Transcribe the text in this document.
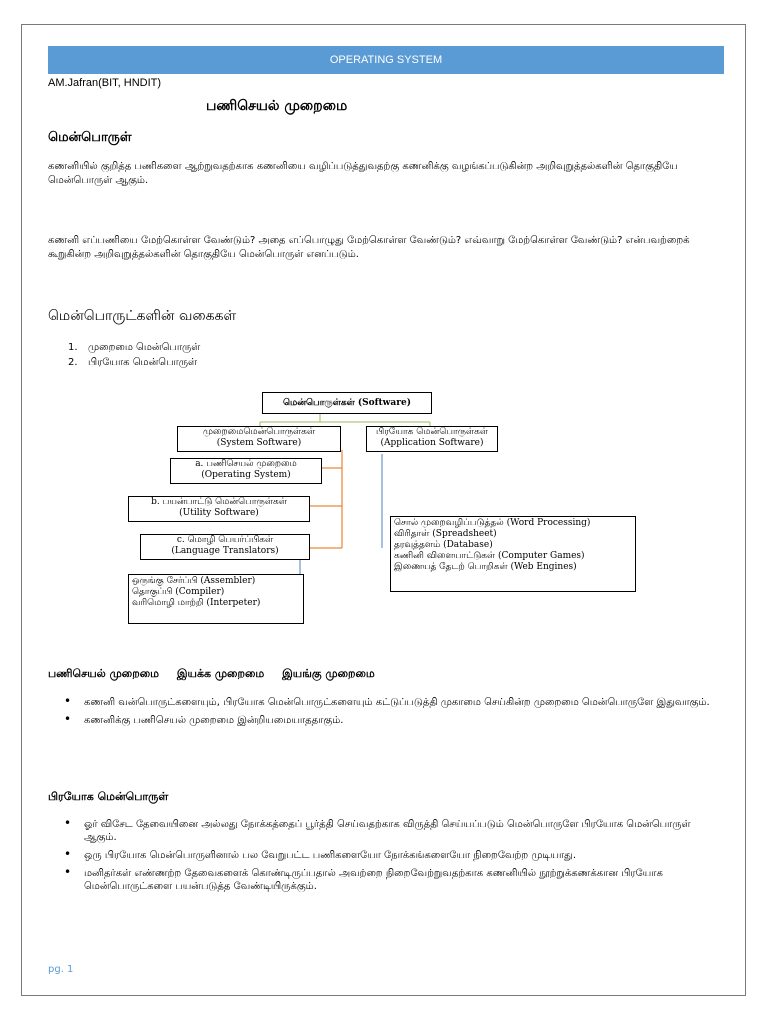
OPERATING SYSTEM
AM.Jafran(BIT, HNDIT)
பணிசெயல் முறைமை
மென்பொருள்
கணனியில் குறித்த பணிகளை ஆற்றுவதற்காக கணனியை வழிப்படுத்துவதற்கு கணனிக்கு வழங்கப்படுகின்ற அறிவுறுத்தல்களின் தொகுதியே மென்பொருள் ஆகும்.
கணனி எப்பணியை மேற்கொள்ள வேண்டும்? அதை எப்பொழுது மேற்கொள்ள வேண்டும்? எவ்வாறு மேற்கொள்ள வேண்டும்? என்பவற்றைக் கூறுகின்ற அறிவுறுத்தல்களின் தொகுதியே மென்பொருள் எனப்படும்.
மென்பொருட்களின் வகைகள்
1. முறைமை மென்பொருள்
2. பிரயோக மென்பொருள்
மென்பொருள்கள் (Software)
முறைமைமென்பொருள்கள்
(System Software)
பிரயோக மென்பொருள்கள்
(Application Software)
a. பணிசெயல் முறைமை
(Operating System)
b. பயன்பாட்டு மென்பொருள்கள்
(Utility Software)
c. மொழி பெயர்ப்பிகள்
(Language Translators)
ஒருங்கு சேர்ப்பி (Assembler)
தொகுப்பி (Compiler)
வரிமொழி மாற்றி (Interpeter)
சொல் முறைவழிப்படுத்தல் (Word Processing)
விரிதாள் (Spreadsheet)
தரவுத்தளம் (Database)
கணினி விளையாட்டுகள் (Computer Games)
இணையத் தேடற் பொறிகள் (Web Engines)
பணிசெயல் முறைமை இயக்க முறைமை இயங்கு முறைமை
• கணனி வன்பொருட்களையும், பிரயோக மென்பொருட்களையும் கட்டுப்படுத்தி முகாமை செய்கின்ற முறைமை மென்பொருளே இதுவாகும்.
• கணனிக்கு பணிசெயல் முறைமை இன்றியமையாததாகும்.
பிரயோக மென்பொருள்
• ஓர் விசேட தேவையினை அல்லது நோக்கத்தைப் பூர்த்தி செய்வதற்காக விருத்தி செய்யப்படும் மென்பொருளே பிரயோக மென்பொருள் ஆகும்.
• ஒரு பிரயோக மென்பொருளினால் பல வேறுபட்ட பணிகளையோ நோக்கங்களையோ நிறைவேற்ற முடியாது.
• மனிதர்கள் எண்ணற்ற தேவைகளைக் கொண்டிருப்பதால் அவற்றை நிறைவேற்றுவதற்காக கணனியில் நூற்றுக்கணக்கான பிரயோக மென்பொருட்களை பயன்படுத்த வேண்டியிருக்கும்.
pg. 1
